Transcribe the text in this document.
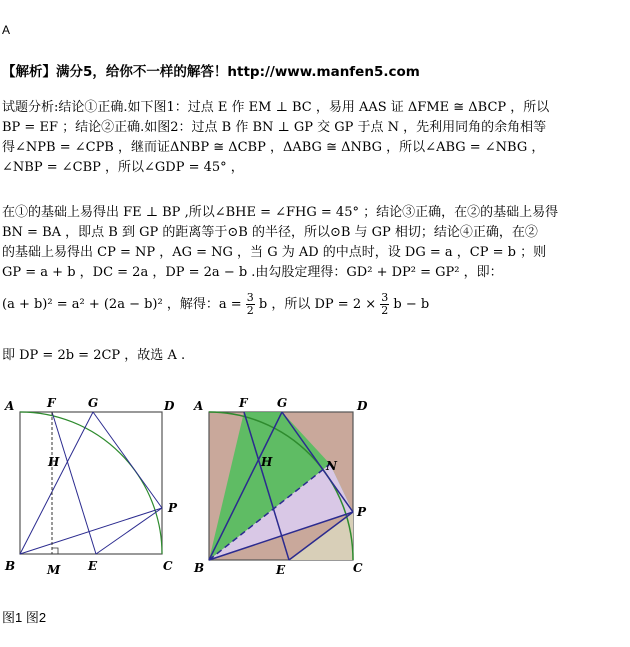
A
【解析】满分5，给你不一样的解答！http://www.manfen5.com
试题分析:结论①正确.如下图1：过点 E 作 EM ⊥ BC ，易用 AAS 证 ΔFME ≅ ΔBCP ，所以
BP = EF ；结论②正确.如图2：过点 B 作 BN ⊥ GP 交 GP 于点 N ，先利用同角的余角相等
得∠NPB = ∠CPB ，继而证ΔNBP ≅ ΔCBP ，ΔABG ≅ ΔNBG ，所以∠ABG = ∠NBG ，
∠NBP = ∠CBP ，所以∠GDP = 45° ，
在①的基础上易得出 FE ⊥ BP ,所以∠BHE = ∠FHG = 45° ；结论③正确，在②的基础上易得
BN = BA ，即点 B 到 GP 的距离等于⊙B 的半径，所以⊙B 与 GP 相切；结论④正确，在②
的基础上易得出 CP = NP ，AG = NG ，当 G 为 AD 的中点时，设 DG = a ，CP = b ；则
GP = a + b ，DC = 2a ，DP = 2a − b .由勾股定理得：GD² + DP² = GP² ，即：
(a + b)² = a² + (2a − b)² ，解得：$a = \frac{3}{2}$ b ，所以 DP = $2 \times \frac{3}{2}$ b − b
即 DP = 2b = 2CP ，故选 A .
A	F	G	D
H
P
B	M E	C
A	F G	D
H	N
P
B	E	C
图1 图2
